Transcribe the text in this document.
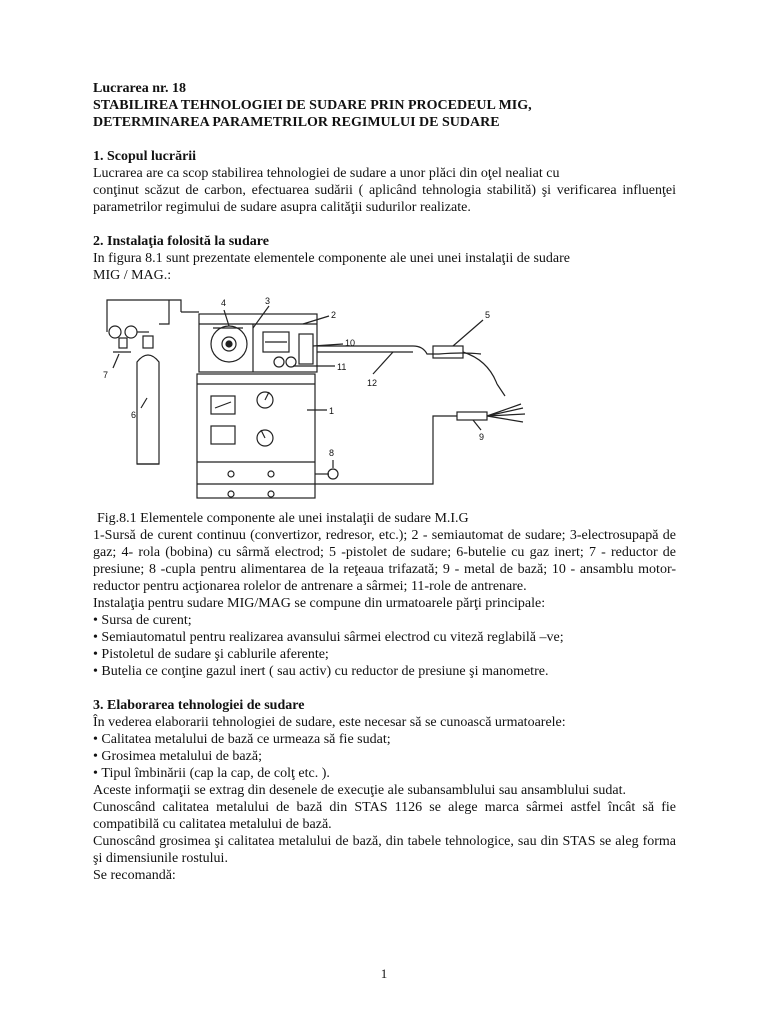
Lucrarea nr. 18

STABILIREA TEHNOLOGIEI DE SUDARE PRIN PROCEDEUL MIG,

DETERMINAREA PARAMETRILOR REGIMULUI DE SUDARE

1. Scopul lucrării

Lucrarea are ca scop stabilirea tehnologiei de sudare a unor plăci din oţel nealiat cu

conţinut scăzut de carbon, efectuarea sudării ( aplicând tehnologia stabilită) şi verificarea influenţei parametrilor regimului de sudare asupra calităţii sudurilor realizate.

2. Instalaţia folosită la sudare

In figura 8.1 sunt prezentate elementele componente ale unei unei instalaţii de sudare

MIG / MAG.:

4	3
2
10
11
12
5
7
6	1
8
9

Fig.8.1 Elementele componente ale unei instalaţii de sudare M.I.G

1-Sursă de curent continuu (convertizor, redresor, etc.); 2 - semiautomat de sudare; 3-electrosupapă de gaz; 4- rola (bobina) cu sârmă electrod; 5 -pistolet de sudare; 6-butelie cu gaz inert; 7 - reductor de presiune; 8 -cupla pentru alimentarea de la reţeaua trifazată; 9 - metal de bază; 10 - ansamblu motor-reductor pentru acţionarea rolelor de antrenare a sârmei; 11-role de antrenare.

Instalaţia pentru sudare MIG/MAG se compune din urmatoarele părţi principale:

• Sursa de curent;

• Semiautomatul pentru realizarea avansului sârmei electrod cu viteză reglabilă –ve;

• Pistoletul de sudare şi cablurile aferente;

• Butelia ce conţine gazul inert ( sau activ) cu reductor de presiune şi manometre.

3. Elaborarea tehnologiei de sudare

În vederea elaborarii tehnologiei de sudare, este necesar să se cunoască urmatoarele:

• Calitatea metalului de bază ce urmeaza să fie sudat;

• Grosimea metalului de bază;

• Tipul îmbinării (cap la cap, de colţ etc. ).

Aceste informaţii se extrag din desenele de execuţie ale subansamblului sau ansamblului sudat.

Cunoscând calitatea metalului de bază din STAS 1126 se alege marca sârmei astfel încât să fie compatibilă cu calitatea metalului de bază.

Cunoscând grosimea şi calitatea metalului de bază, din tabele tehnologice, sau din STAS se aleg forma şi dimensiunile rostului.

Se recomandă:

1
